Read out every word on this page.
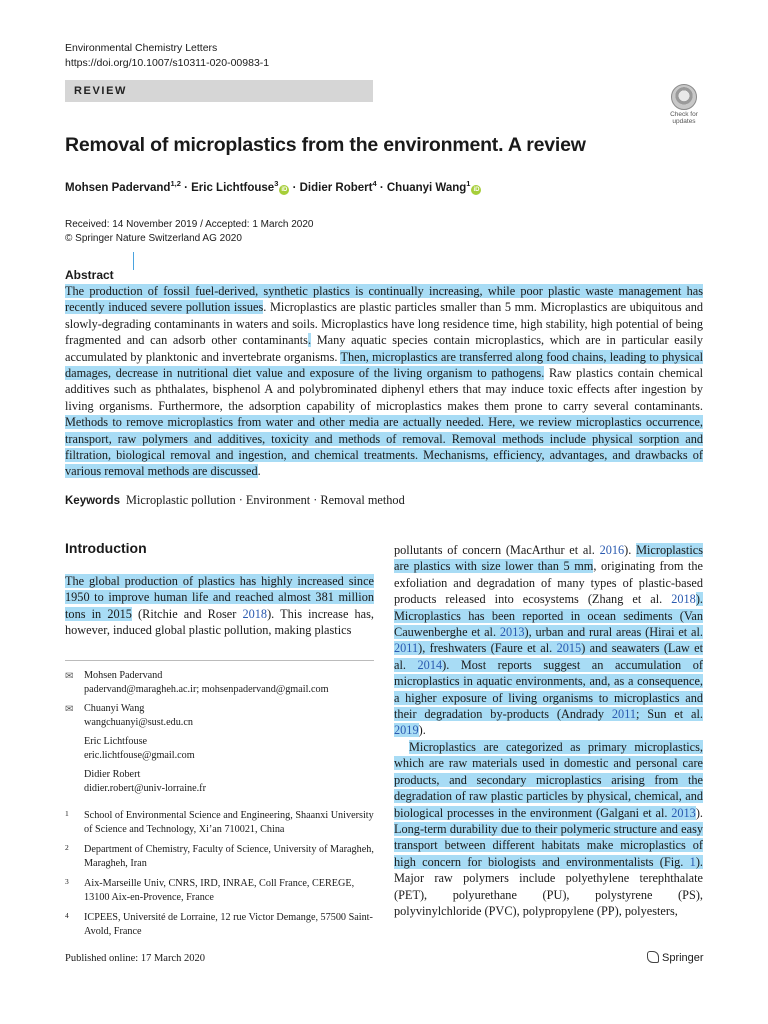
Environmental Chemistry Letters
https://doi.org/10.1007/s10311-020-00983-1
REVIEW
Check for
updates
Removal of microplastics from the environment. A review
Mohsen Padervand$^{1,2}$ · Eric Lichtfouse$^3$iD · Didier Robert$^4$ · Chuanyi Wang$^1$iD
Received: 14 November 2019 / Accepted: 1 March 2020
© Springer Nature Switzerland AG 2020
Abstract
The production of fossil fuel-derived, synthetic plastics is continually increasing, while poor plastic waste management has recently induced severe pollution issues. Microplastics are plastic particles smaller than 5 mm. Microplastics are ubiquitous and slowly-degrading contaminants in waters and soils. Microplastics have long residence time, high stability, high potential of being fragmented and can adsorb other contaminants. Many aquatic species contain microplastics, which are in particular easily accumulated by planktonic and invertebrate organisms. Then, microplastics are transferred along food chains, leading to physical damages, decrease in nutritional diet value and exposure of the living organism to pathogens. Raw plastics contain chemical additives such as phthalates, bisphenol A and polybrominated diphenyl ethers that may induce toxic effects after ingestion by living organisms. Furthermore, the adsorption capability of microplastics makes them prone to carry several contaminants. Methods to remove microplastics from water and other media are actually needed. Here, we review microplastics occurrence, transport, raw polymers and additives, toxicity and methods of removal. Removal methods include physical sorption and filtration, biological removal and ingestion, and chemical treatments. Mechanisms, efficiency, advantages, and drawbacks of various removal methods are discussed.
Keywords Microplastic pollution · Environment · Removal method
Introduction

The global production of plastics has highly increased since 1950 to improve human life and reached almost 381 million tons in 2015 (Ritchie and Roser 2018). This increase has, however, induced global plastic pollution, making plastics

pollutants of concern (MacArthur et al. 2016). Microplastics are plastics with size lower than 5 mm, originating from the exfoliation and degradation of many types of plastic-based products released into ecosystems (Zhang et al. 2018). Microplastics has been reported in ocean sediments (Van Cauwenberghe et al. 2013), urban and rural areas (Hirai et al. 2011), freshwaters (Faure et al. 2015) and seawaters (Law et al. 2014). Most reports suggest an accumulation of microplastics in aquatic environments, and, as a consequence, a higher exposure of living organisms to microplastics and their degradation by-products (Andrady 2011; Sun et al. 2019).

Microplastics are categorized as primary microplastics, which are raw materials used in domestic and personal care products, and secondary microplastics arising from the degradation of raw plastic particles by physical, chemical, and biological processes in the environment (Galgani et al. 2013). Long-term durability due to their polymeric structure and easy transport between different habitats make microplastics of high concern for biologists and environmentalists (Fig. 1). Major raw polymers include polyethylene terephthalate (PET), polyurethane (PU), polystyrene (PS), polyvinylchloride (PVC), polypropylene (PP), polyesters,

✉ Mohsen Padervand
padervand@maragheh.ac.ir; mohsenpadervand@gmail.com
✉ Chuanyi Wang
wangchuanyi@sust.edu.cn
Eric Lichtfouse
eric.lichtfouse@gmail.com
Didier Robert
didier.robert@univ-lorraine.fr
1 School of Environmental Science and Engineering, Shaanxi University of Science and Technology, Xi’an 710021, China
2 Department of Chemistry, Faculty of Science, University of Maragheh, Maragheh, Iran
3 Aix-Marseille Univ, CNRS, IRD, INRAE, Coll France, CEREGE, 13100 Aix-en-Provence, France
4 ICPEES, Université de Lorraine, 12 rue Victor Demange, 57500 Saint-Avold, France
Published online: 17 March 2020	Springer
